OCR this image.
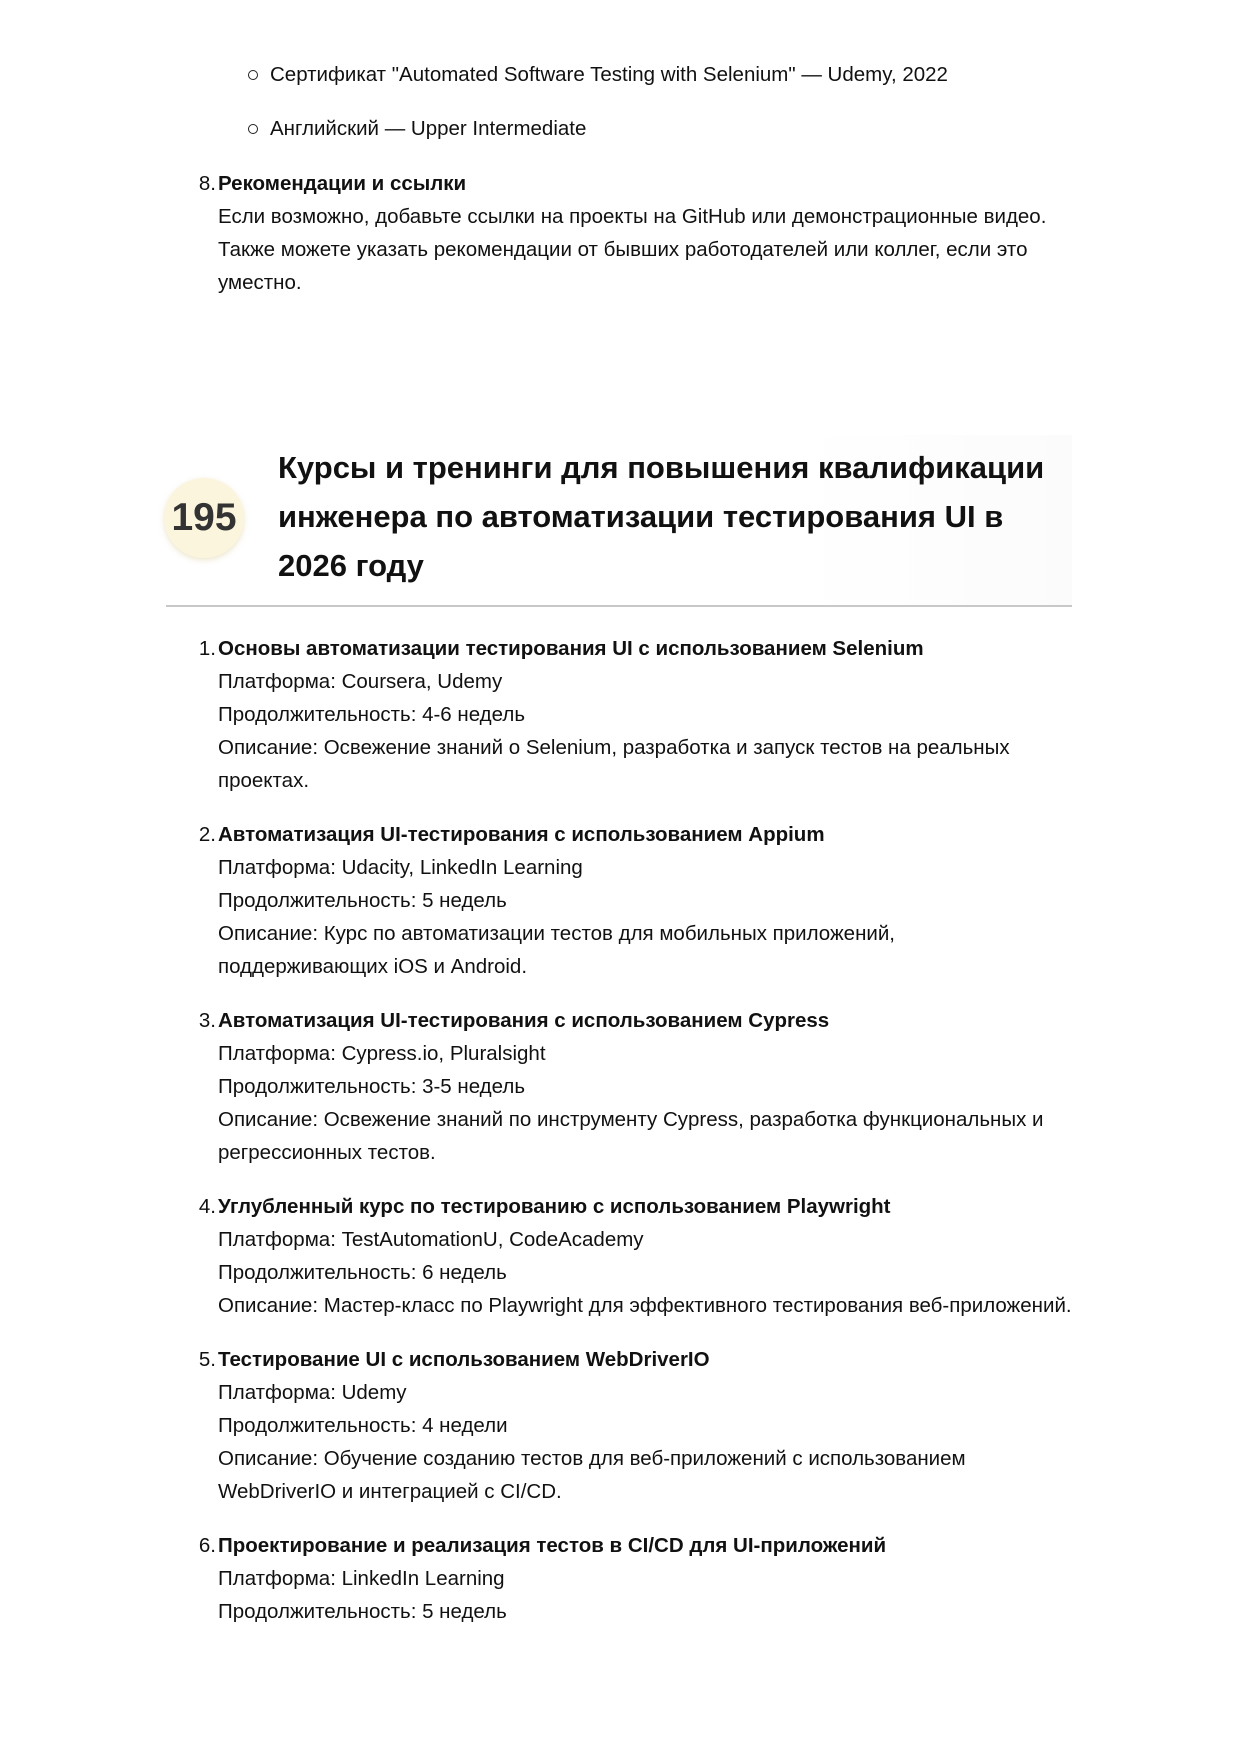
Сертификат "Automated Software Testing with Selenium" — Udemy, 2022
Английский — Upper Intermediate
8. Рекомендации и ссылки
Если возможно, добавьте ссылки на проекты на GitHub или демонстрационные видео.
Также можете указать рекомендации от бывших работодателей или коллег, если это
уместно.
195
Курсы и тренинги для повышения квалификации
инженера по автоматизации тестирования UI в
2026 году
1. Основы автоматизации тестирования UI с использованием Selenium
Платформа: Coursera, Udemy
Продолжительность: 4-6 недель
Описание: Освежение знаний о Selenium, разработка и запуск тестов на реальных
проектах.
2. Автоматизация UI-тестирования с использованием Appium
Платформа: Udacity, LinkedIn Learning
Продолжительность: 5 недель
Описание: Курс по автоматизации тестов для мобильных приложений,
поддерживающих iOS и Android.
3. Автоматизация UI-тестирования с использованием Cypress
Платформа: Cypress.io, Pluralsight
Продолжительность: 3-5 недель
Описание: Освежение знаний по инструменту Cypress, разработка функциональных и
регрессионных тестов.
4. Углубленный курс по тестированию с использованием Playwright
Платформа: TestAutomationU, CodeAcademy
Продолжительность: 6 недель
Описание: Мастер-класс по Playwright для эффективного тестирования веб-приложений.
5. Тестирование UI с использованием WebDriverIO
Платформа: Udemy
Продолжительность: 4 недели
Описание: Обучение созданию тестов для веб-приложений с использованием
WebDriverIO и интеграцией с CI/CD.
6. Проектирование и реализация тестов в CI/CD для UI-приложений
Платформа: LinkedIn Learning
Продолжительность: 5 недель
